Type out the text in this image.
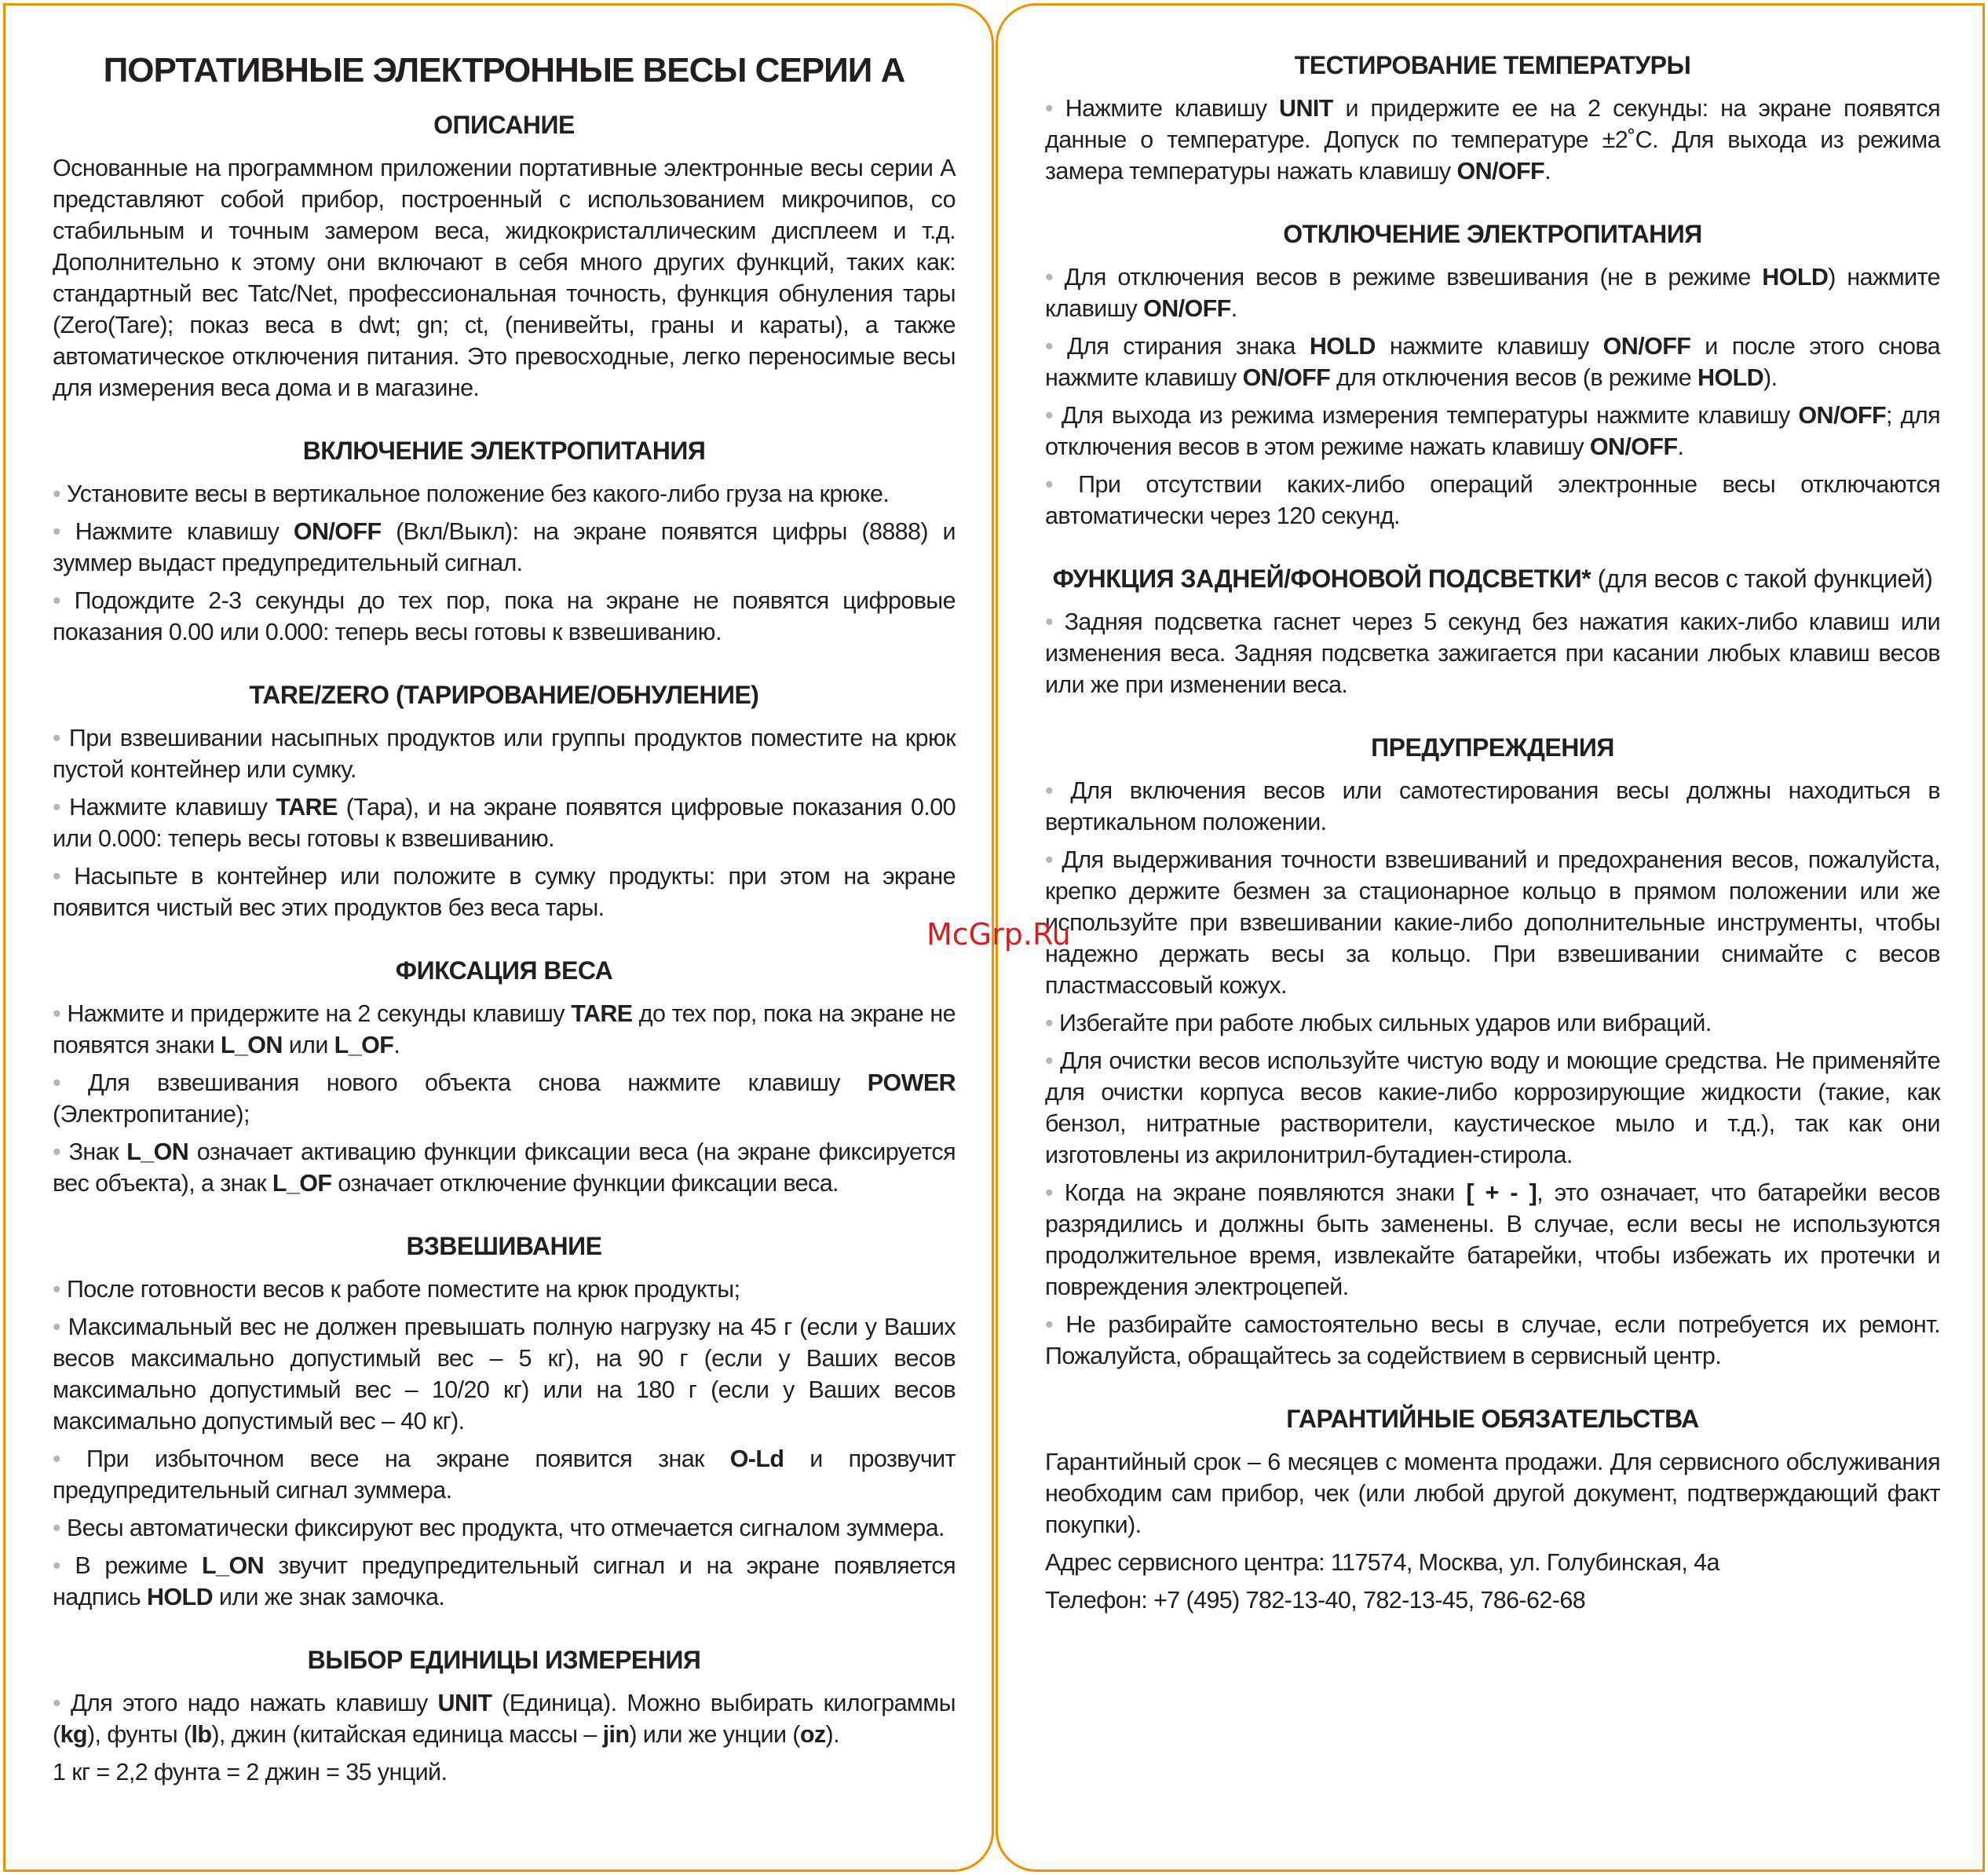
ПОРТАТИВНЫЕ ЭЛЕКТРОННЫЕ ВЕСЫ СЕРИИ А
ОПИСАНИЕ

Основанные на программном приложении портативные электронные весы серии А представляют собой прибор, построенный с использованием микрочипов, со стабильным и точным замером веса, жидкокристаллическим дисплеем и т.д. Дополнительно к этому они включают в себя много других функций, таких как: стандартный вес Tatc/Net, профессиональная точность, функция обнуления тары (Zero(Tare); показ веса в dwt; gn; ct, (пенивейты, граны и караты), а также автоматическое отключения питания. Это превосходные, легко переносимые весы для измерения веса дома и в магазине.

ВКЛЮЧЕНИЕ ЭЛЕКТРОПИТАНИЯ

• Установите весы в вертикальное положение без какого-либо груза на крюке.

• Нажмите клавишу ON/OFF (Вкл/Выкл): на экране появятся цифры (8888) и зуммер выдаст предупредительный сигнал.

• Подождите 2-3 секунды до тех пор, пока на экране не появятся цифровые показания 0.00 или 0.000: теперь весы готовы к взвешиванию.

TARE/ZERO (ТАРИРОВАНИЕ/ОБНУЛЕНИЕ)

• При взвешивании насыпных продуктов или группы продуктов поместите на крюк пустой контейнер или сумку.

• Нажмите клавишу TARE (Тара), и на экране появятся цифровые показания 0.00 или 0.000: теперь весы готовы к взвешиванию.

• Насыпьте в контейнер или положите в сумку продукты: при этом на экране появится чистый вес этих продуктов без веса тары.

ФИКСАЦИЯ ВЕСА

• Нажмите и придержите на 2 секунды клавишу TARE до тех пор, пока на экране не появятся знаки L_ON или L_OF.

• Для взвешивания нового объекта снова нажмите клавишу POWER (Электропитание);

• Знак L_ON означает активацию функции фиксации веса (на экране фиксируется вес объекта), а знак L_OF означает отключение функции фиксации веса.

ВЗВЕШИВАНИЕ

• После готовности весов к работе поместите на крюк продукты;

• Максимальный вес не должен превышать полную нагрузку на 45 г (если у Ваших весов максимально допустимый вес – 5 кг), на 90 г (если у Ваших весов максимально допустимый вес – 10/20 кг) или на 180 г (если у Ваших весов максимально допустимый вес – 40 кг).

• При избыточном весе на экране появится знак O-Ld и прозвучит предупредительный сигнал зуммера.

• Весы автоматически фиксируют вес продукта, что отмечается сигналом зуммера.

• В режиме L_ON звучит предупредительный сигнал и на экране появляется надпись HOLD или же знак замочка.

ВЫБОР ЕДИНИЦЫ ИЗМЕРЕНИЯ

• Для этого надо нажать клавишу UNIT (Единица). Можно выбирать килограммы (kg), фунты (lb), джин (китайская единица массы – jin) или же унции (oz).

1 кг = 2,2 фунта = 2 джин = 35 унций.

ТЕСТИРОВАНИЕ ТЕМПЕРАТУРЫ

• Нажмите клавишу UNIT и придержите ее на 2 секунды: на экране появятся данные о температуре. Допуск по температуре ±2˚С. Для выхода из режима замера температуры нажать клавишу ON/OFF.

ОТКЛЮЧЕНИЕ ЭЛЕКТРОПИТАНИЯ

• Для отключения весов в режиме взвешивания (не в режиме HOLD) нажмите клавишу ON/OFF.

• Для стирания знака HOLD нажмите клавишу ON/OFF и после этого снова нажмите клавишу ON/OFF для отключения весов (в режиме HOLD).

• Для выхода из режима измерения температуры нажмите клавишу ON/OFF; для отключения весов в этом режиме нажать клавишу ON/OFF.

• При отсутствии каких-либо операций электронные весы отключаются автоматически через 120 секунд.

ФУНКЦИЯ ЗАДНЕЙ/ФОНОВОЙ ПОДСВЕТКИ* (для весов с такой функцией)

• Задняя подсветка гаснет через 5 секунд без нажатия каких-либо клавиш или изменения веса. Задняя подсветка зажигается при касании любых клавиш весов или же при изменении веса.

ПРЕДУПРЕЖДЕНИЯ

• Для включения весов или самотестирования весы должны находиться в вертикальном положении.

• Для выдерживания точности взвешиваний и предохранения весов, пожалуйста, крепко держите безмен за стационарное кольцо в прямом положении или же используйте при взвешивании какие-либо дополнительные инструменты, чтобы надежно держать весы за кольцо. При взвешивании снимайте с весов пластмассовый кожух.

• Избегайте при работе любых сильных ударов или вибраций.

• Для очистки весов используйте чистую воду и моющие средства. Не применяйте для очистки корпуса весов какие-либо коррозирующие жидкости (такие, как бензол, нитратные растворители, каустическое мыло и т.д.), так как они изготовлены из акрилонитрил-бутадиен-стирола.

• Когда на экране появляются знаки [ + - ], это означает, что батарейки весов разрядились и должны быть заменены. В случае, если весы не используются продолжительное время, извлекайте батарейки, чтобы избежать их протечки и повреждения электроцепей.

• Не разбирайте самостоятельно весы в случае, если потребуется их ремонт. Пожалуйста, обращайтесь за содействием в сервисный центр.

ГАРАНТИЙНЫЕ ОБЯЗАТЕЛЬСТВА

Гарантийный срок – 6 месяцев с момента продажи. Для сервисного обслуживания необходим сам прибор, чек (или любой другой документ, подтверждающий факт покупки).

Адрес сервисного центра: 117574, Москва, ул. Голубинская, 4а

Телефон: +7 (495) 782-13-40, 782-13-45, 786-62-68

McGrp.Ru
